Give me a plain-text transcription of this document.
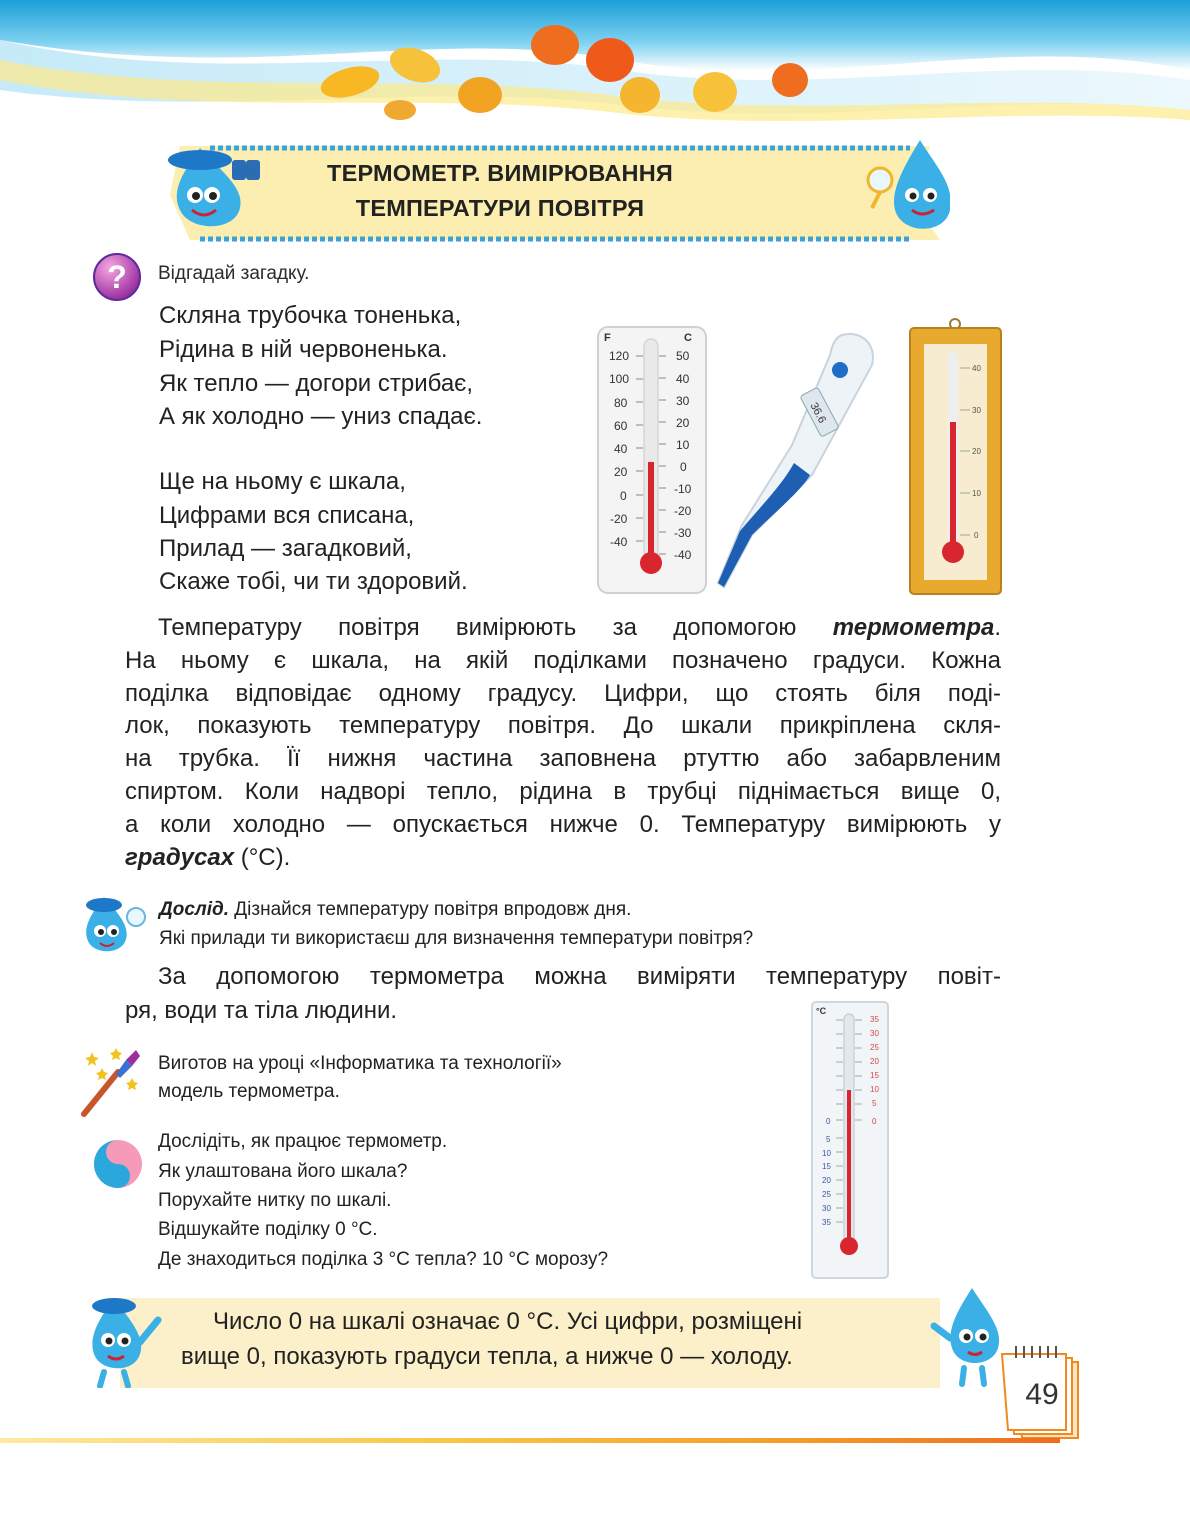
ТЕРМОМЕТР. ВИМІРЮВАННЯ
ТЕМПЕРАТУРИ ПОВІТРЯ
? Відгадай загадку.
Скляна трубочка тоненька,
Рідина в ній червоненька.
Як тепло — догори стрибає,
А як холодно — униз спадає.
Ще на ньому є шкала,
Цифрами вся списана,
Прилад — загадковий,
Скаже тобі, чи ти здоровий.
F	C
120
100
80
60
40
20
0
-20
-40
50
40
30
20
10
0
-10
-20
-30
-40
36.6
40
30
20
10
0
Температуру повітря вимірюють за допомогою термометра.
На ньому є шкала, на якій поділками позначено градуси. Кожна
поділка відповідає одному градусу. Цифри, що стоять біля поді-
лок, показують температуру повітря. До шкали прикріплена скля-
на трубка. Її нижня частина заповнена ртуттю або забарвленим
спиртом. Коли надворі тепло, рідина в трубці піднімається вище 0,
а коли холодно — опускається нижче 0. Температуру вимірюють у
градусах (°С).
Дослід. Дізнайся температуру повітря впродовж дня.
Які прилади ти використаєш для визначення температури повітря?
За допомогою термометра можна виміряти температуру повіт-
ря, води та тіла людини.	°C
0
5
10
15
20
25
30
35
35
30
25
20
15
10
5
0
Виготов на уроці «Інформатика та технології»
модель термометра.
Дослідіть, як працює термометр.
Як улаштована його шкала?
Поруxайте нитку по шкалі.
Відшукайте поділку 0 °С.
Де знаходиться поділка 3 °С тепла? 10 °С морозу?
Число 0 на шкалі означає 0 °С. Усі цифри, розміщені
вище 0, показують градуси тепла, а нижче 0 — холоду.
49
